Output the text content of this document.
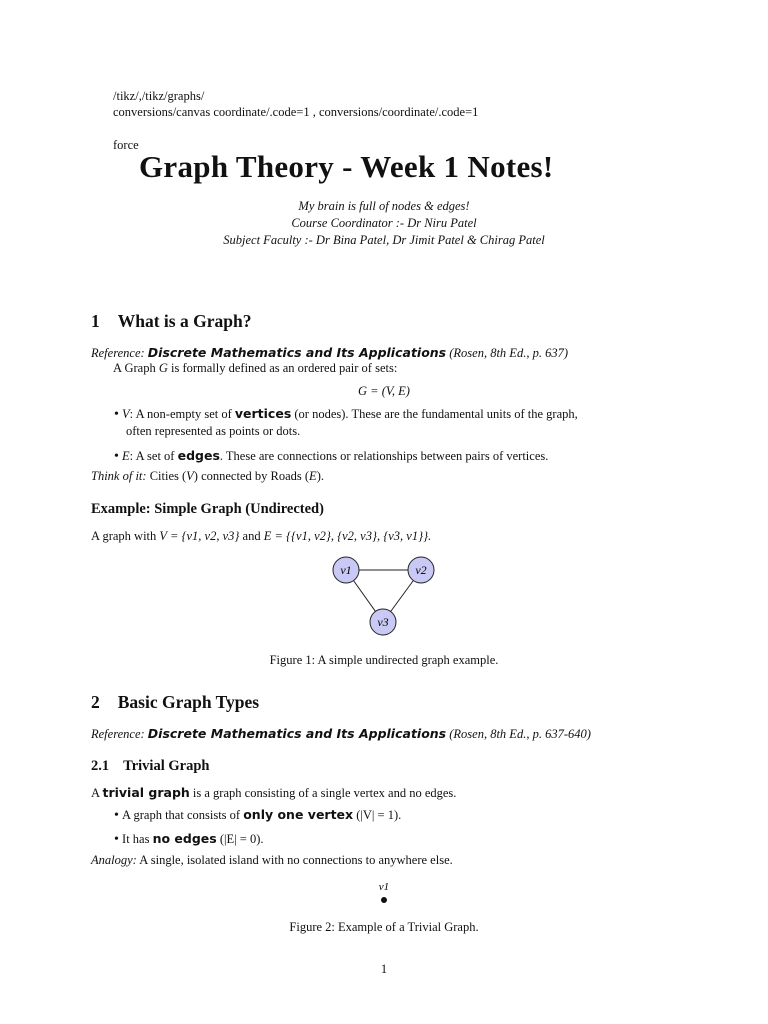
/tikz/,/tikz/graphs/
conversions/canvas coordinate/.code=1 , conversions/coordinate/.code=1
force
Graph Theory - Week 1 Notes!
My brain is full of nodes & edges!
Course Coordinator :- Dr Niru Patel
Subject Faculty :- Dr Bina Patel, Dr Jimit Patel & Chirag Patel
1 What is a Graph?
Reference: Discrete Mathematics and Its Applications (Rosen, 8th Ed., p. 637)
A Graph G is formally defined as an ordered pair of sets:
G = (V, E)
• V: A non-empty set of vertices (or nodes). These are the fundamental units of the graph,
often represented as points or dots.
• E: A set of edges. These are connections or relationships between pairs of vertices.
Think of it: Cities (V) connected by Roads (E).
Example: Simple Graph (Undirected)
A graph with V = {v1, v2, v3} and E = {{v1, v2}, {v2, v3}, {v3, v1}}.
v1	v2
v3
Figure 1: A simple undirected graph example.
2 Basic Graph Types
Reference: Discrete Mathematics and Its Applications (Rosen, 8th Ed., p. 637-640)
2.1 Trivial Graph
A trivial graph is a graph consisting of a single vertex and no edges.
• A graph that consists of only one vertex (|V| = 1).
• It has no edges (|E| = 0).
Analogy: A single, isolated island with no connections to anywhere else.
v1
Figure 2: Example of a Trivial Graph.
1
